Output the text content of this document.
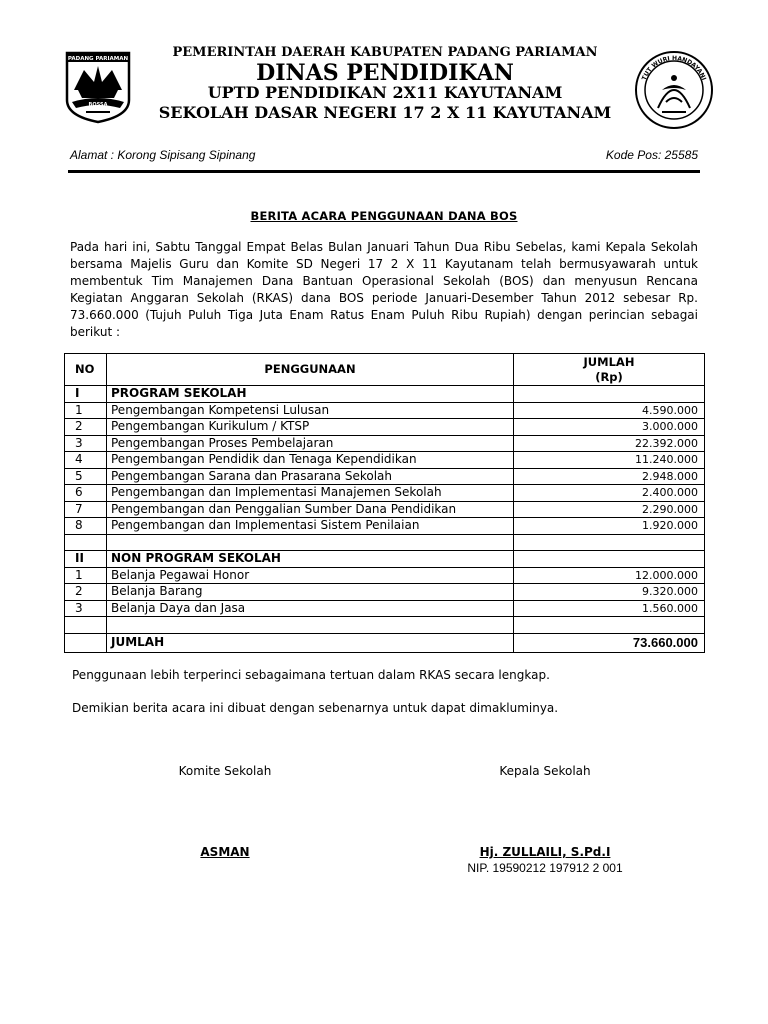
PADANG PARIAMAN
BOSSA
PEMERINTAH DAERAH KABUPATEN PADANG PARIAMAN
DINAS PENDIDIKAN
UPTD PENDIDIKAN 2X11 KAYUTANAM
SEKOLAH DASAR NEGERI 17 2 X 11 KAYUTANAM
TUT WURI HANDAYANI
Alamat : Korong Sipisang Sipinang	Kode Pos: 25585
BERITA ACARA PENGGUNAAN DANA BOS

Pada hari ini, Sabtu Tanggal Empat Belas Bulan Januari Tahun Dua Ribu Sebelas, kami Kepala Sekolah bersama Majelis Guru dan Komite SD Negeri 17 2 X 11 Kayutanam telah bermusyawarah untuk membentuk Tim Manajemen Dana Bantuan Operasional Sekolah (BOS) dan menyusun Rencana Kegiatan Anggaran Sekolah (RKAS) dana BOS periode Januari-Desember Tahun 2012 sebesar Rp. 73.660.000 (Tujuh Puluh Tiga Juta Enam Ratus Enam Puluh Ribu Rupiah) dengan perincian sebagai berikut :

NO	PENGGUNAAN	JUMLAH
(Rp)

I	PROGRAM SEKOLAH	
1	Pengembangan Kompetensi Lulusan	4.590.000
2	Pengembangan Kurikulum / KTSP	3.000.000
3	Pengembangan Proses Pembelajaran	22.392.000
4	Pengembangan Pendidik dan Tenaga Kependidikan	11.240.000
5	Pengembangan Sarana dan Prasarana Sekolah	2.948.000
6	Pengembangan dan Implementasi Manajemen Sekolah	2.400.000
7	Pengembangan dan Penggalian Sumber Dana Pendidikan	2.290.000
8	Pengembangan dan Implementasi Sistem Penilaian	1.920.000

II	NON PROGRAM SEKOLAH	
1	Belanja Pegawai Honor	12.000.000
2	Belanja Barang	9.320.000
3	Belanja Daya dan Jasa	1.560.000

	JUMLAH	73.660.000
Penggunaan lebih terperinci sebagaimana tertuan dalam RKAS secara lengkap.
Demikian berita acara ini dibuat dengan sebenarnya untuk dapat dimakluminya.
Komite Sekolah	Kepala Sekolah
ASMAN	Hj. ZULLAILI, S.Pd.I
NIP. 19590212 197912 2 001
